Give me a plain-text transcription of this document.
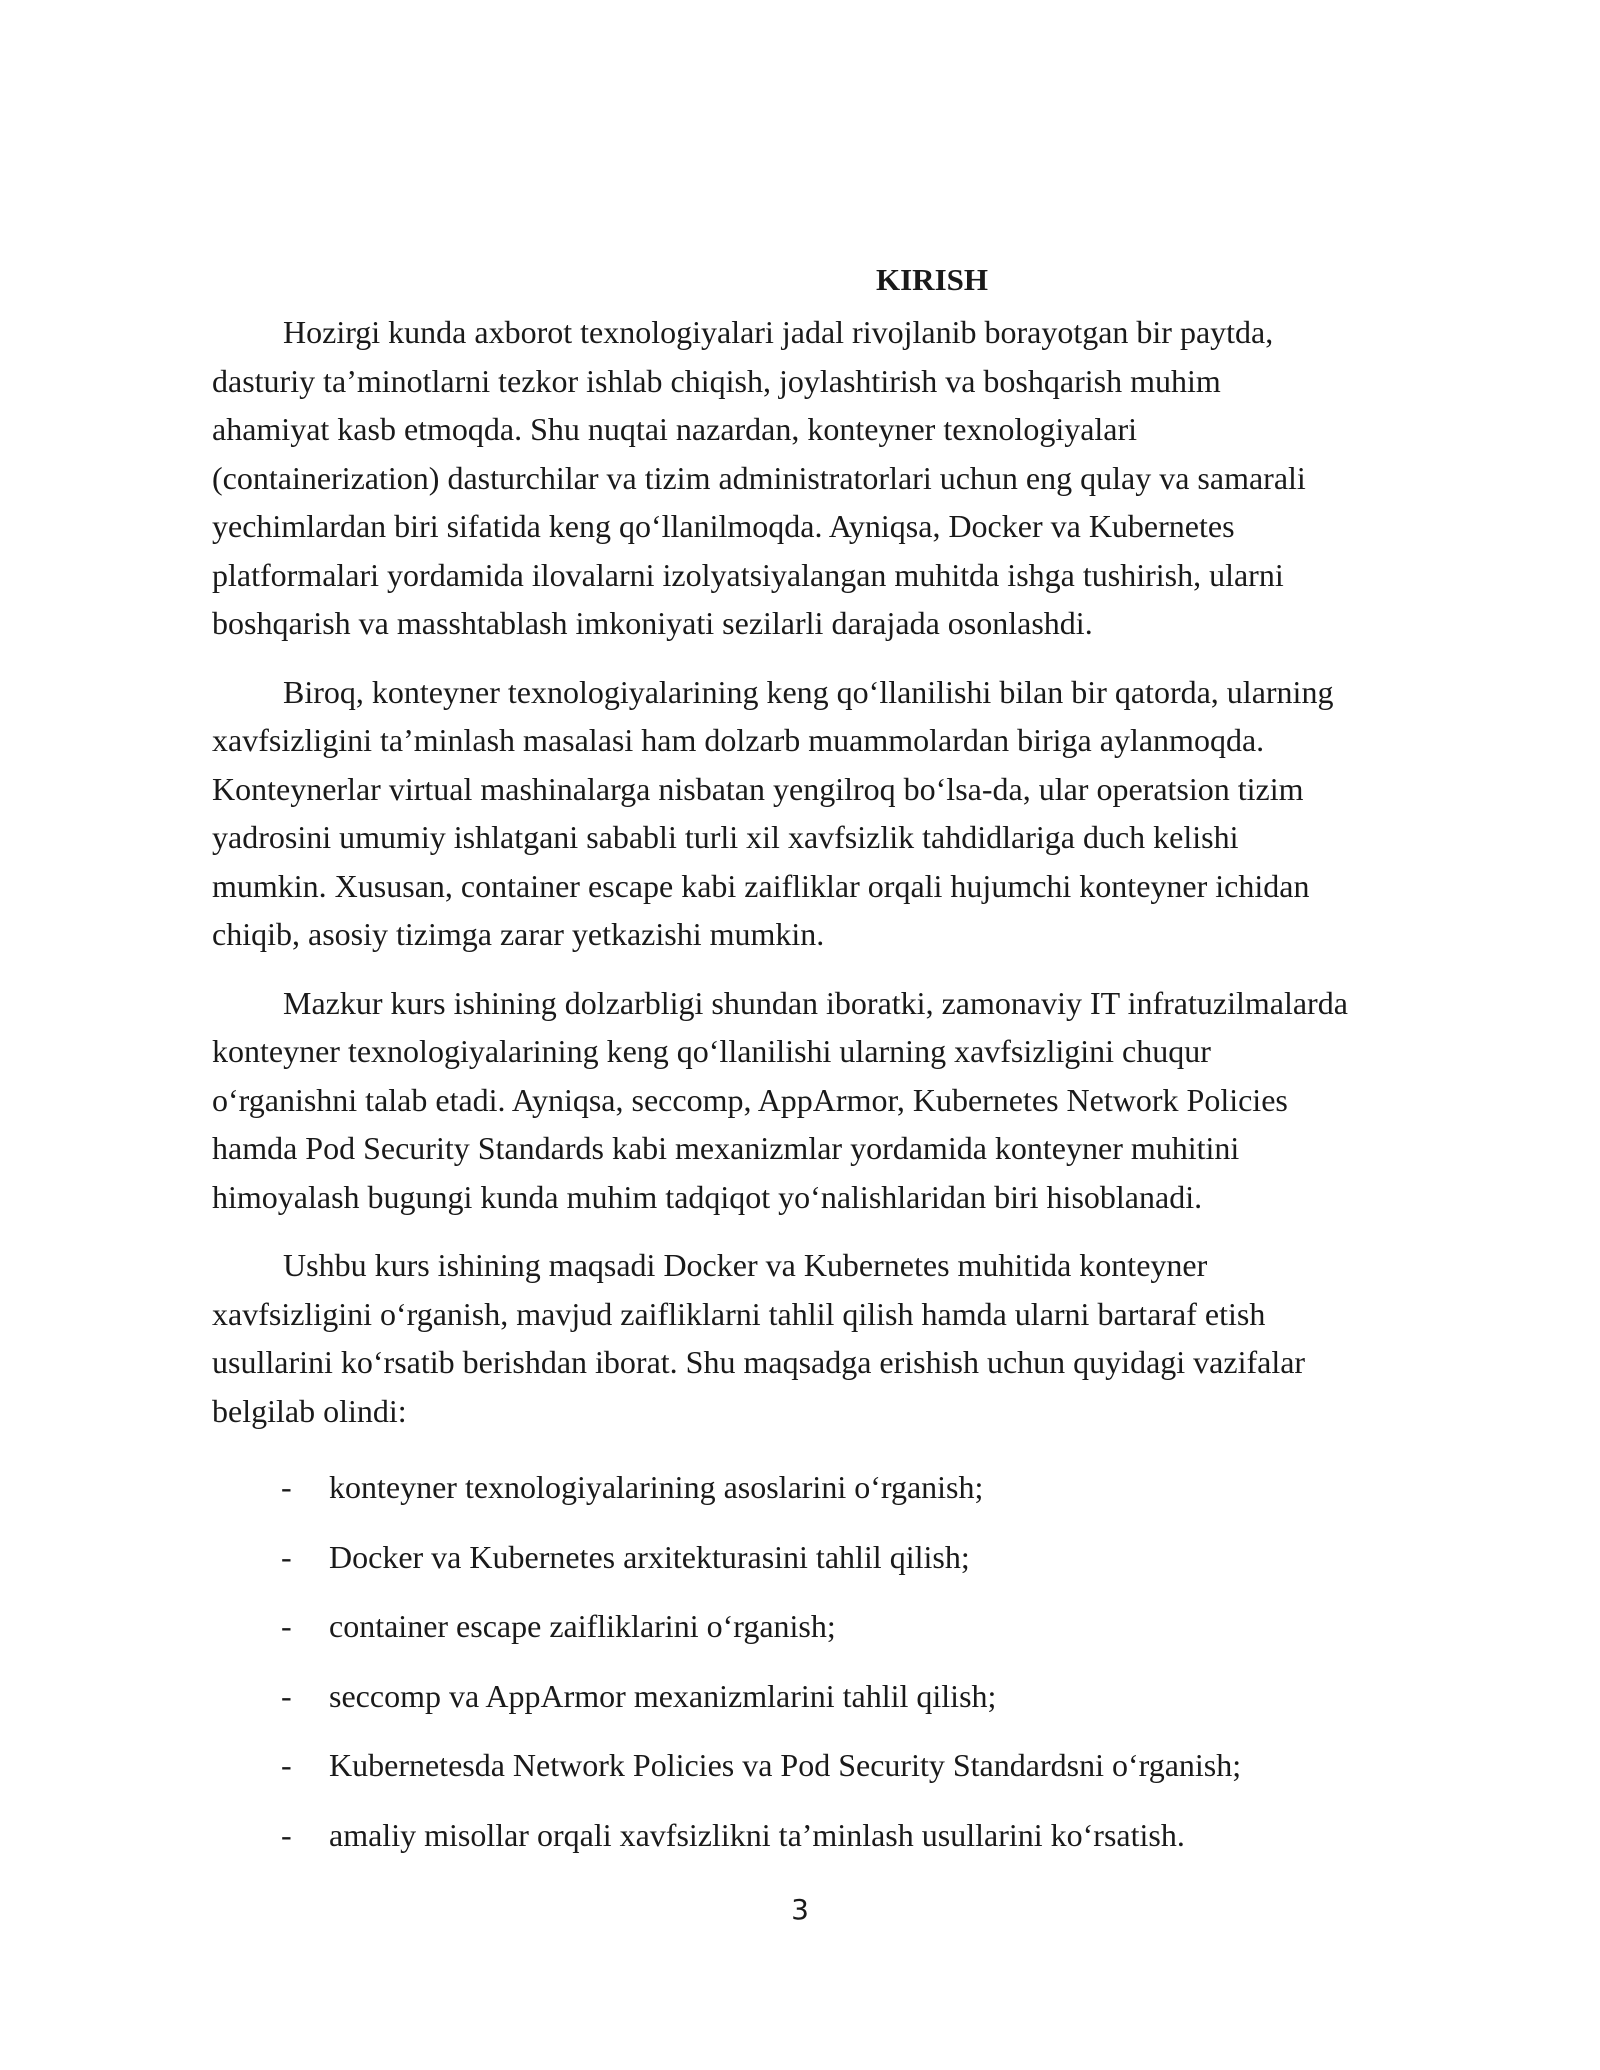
KIRISH

Hozirgi kunda axborot texnologiyalari jadal rivojlanib borayotgan bir paytda,
dasturiy ta’minotlarni tezkor ishlab chiqish, joylashtirish va boshqarish muhim
ahamiyat kasb etmoqda. Shu nuqtai nazardan, konteyner texnologiyalari
(containerization) dasturchilar va tizim administratorlari uchun eng qulay va samarali
yechimlardan biri sifatida keng qo‘llanilmoqda. Ayniqsa, Docker va Kubernetes
platformalari yordamida ilovalarni izolyatsiyalangan muhitda ishga tushirish, ularni
boshqarish va masshtablash imkoniyati sezilarli darajada osonlashdi.

Biroq, konteyner texnologiyalarining keng qo‘llanilishi bilan bir qatorda, ularning
xavfsizligini ta’minlash masalasi ham dolzarb muammolardan biriga aylanmoqda.
Konteynerlar virtual mashinalarga nisbatan yengilroq bo‘lsa-da, ular operatsion tizim
yadrosini umumiy ishlatgani sababli turli xil xavfsizlik tahdidlariga duch kelishi
mumkin. Xususan, container escape kabi zaifliklar orqali hujumchi konteyner ichidan
chiqib, asosiy tizimga zarar yetkazishi mumkin.

Mazkur kurs ishining dolzarbligi shundan iboratki, zamonaviy IT infratuzilmalarda
konteyner texnologiyalarining keng qo‘llanilishi ularning xavfsizligini chuqur
o‘rganishni talab etadi. Ayniqsa, seccomp, AppArmor, Kubernetes Network Policies
hamda Pod Security Standards kabi mexanizmlar yordamida konteyner muhitini
himoyalash bugungi kunda muhim tadqiqot yo‘nalishlaridan biri hisoblanadi.

Ushbu kurs ishining maqsadi Docker va Kubernetes muhitida konteyner
xavfsizligini o‘rganish, mavjud zaifliklarni tahlil qilish hamda ularni bartaraf etish
usullarini ko‘rsatib berishdan iborat. Shu maqsadga erishish uchun quyidagi vazifalar
belgilab olindi:

- konteyner texnologiyalarining asoslarini o‘rganish;
- Docker va Kubernetes arxitekturasini tahlil qilish;
- container escape zaifliklarini o‘rganish;
- seccomp va AppArmor mexanizmlarini tahlil qilish;
- Kubernetesda Network Policies va Pod Security Standardsni o‘rganish;
- amaliy misollar orqali xavfsizlikni ta’minlash usullarini ko‘rsatish.
3
